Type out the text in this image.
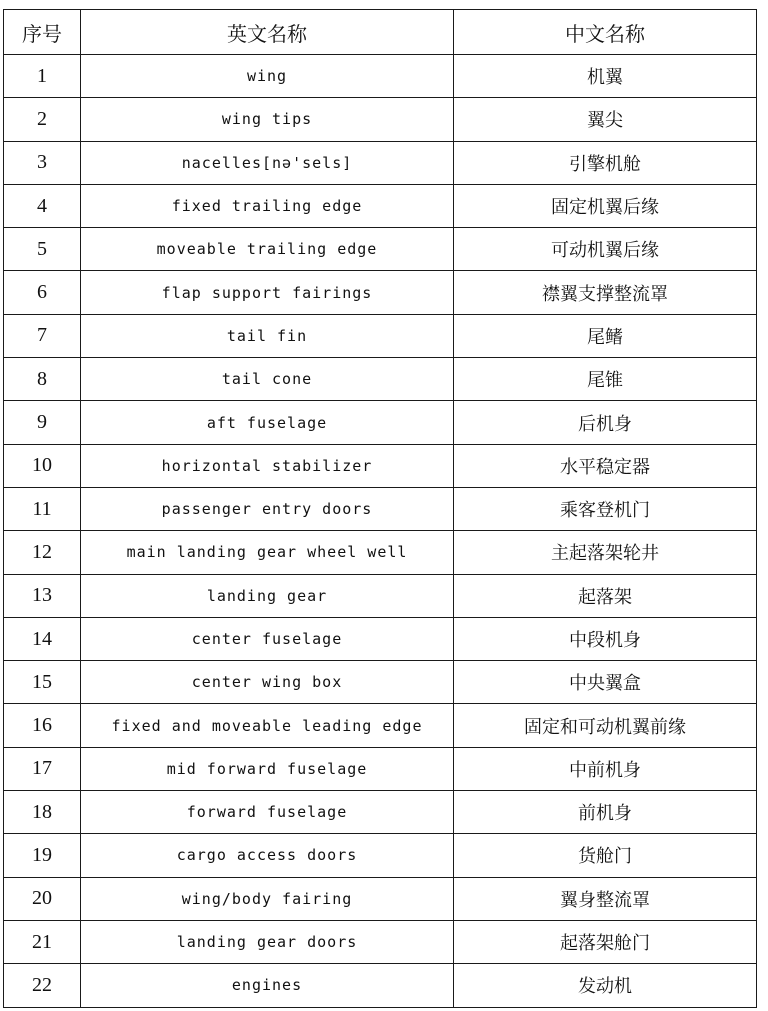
序号	英文名称	中文名称
1	wing	机翼
2	wing tips	翼尖
3	nacelles[nə'sels]	引擎机舱
4	fixed trailing edge	固定机翼后缘
5	moveable trailing edge	可动机翼后缘
6	flap support fairings	襟翼支撑整流罩
7	tail fin	尾鳍
8	tail cone	尾锥
9	aft fuselage	后机身
10	horizontal stabilizer	水平稳定器
11	passenger entry doors	乘客登机门
12	main landing gear wheel well	主起落架轮井
13	landing gear	起落架
14	center fuselage	中段机身
15	center wing box	中央翼盒
16	fixed and moveable leading edge	固定和可动机翼前缘
17	mid forward fuselage	中前机身
18	forward fuselage	前机身
19	cargo access doors	货舱门
20	wing/body fairing	翼身整流罩
21	landing gear doors	起落架舱门
22	engines	发动机
